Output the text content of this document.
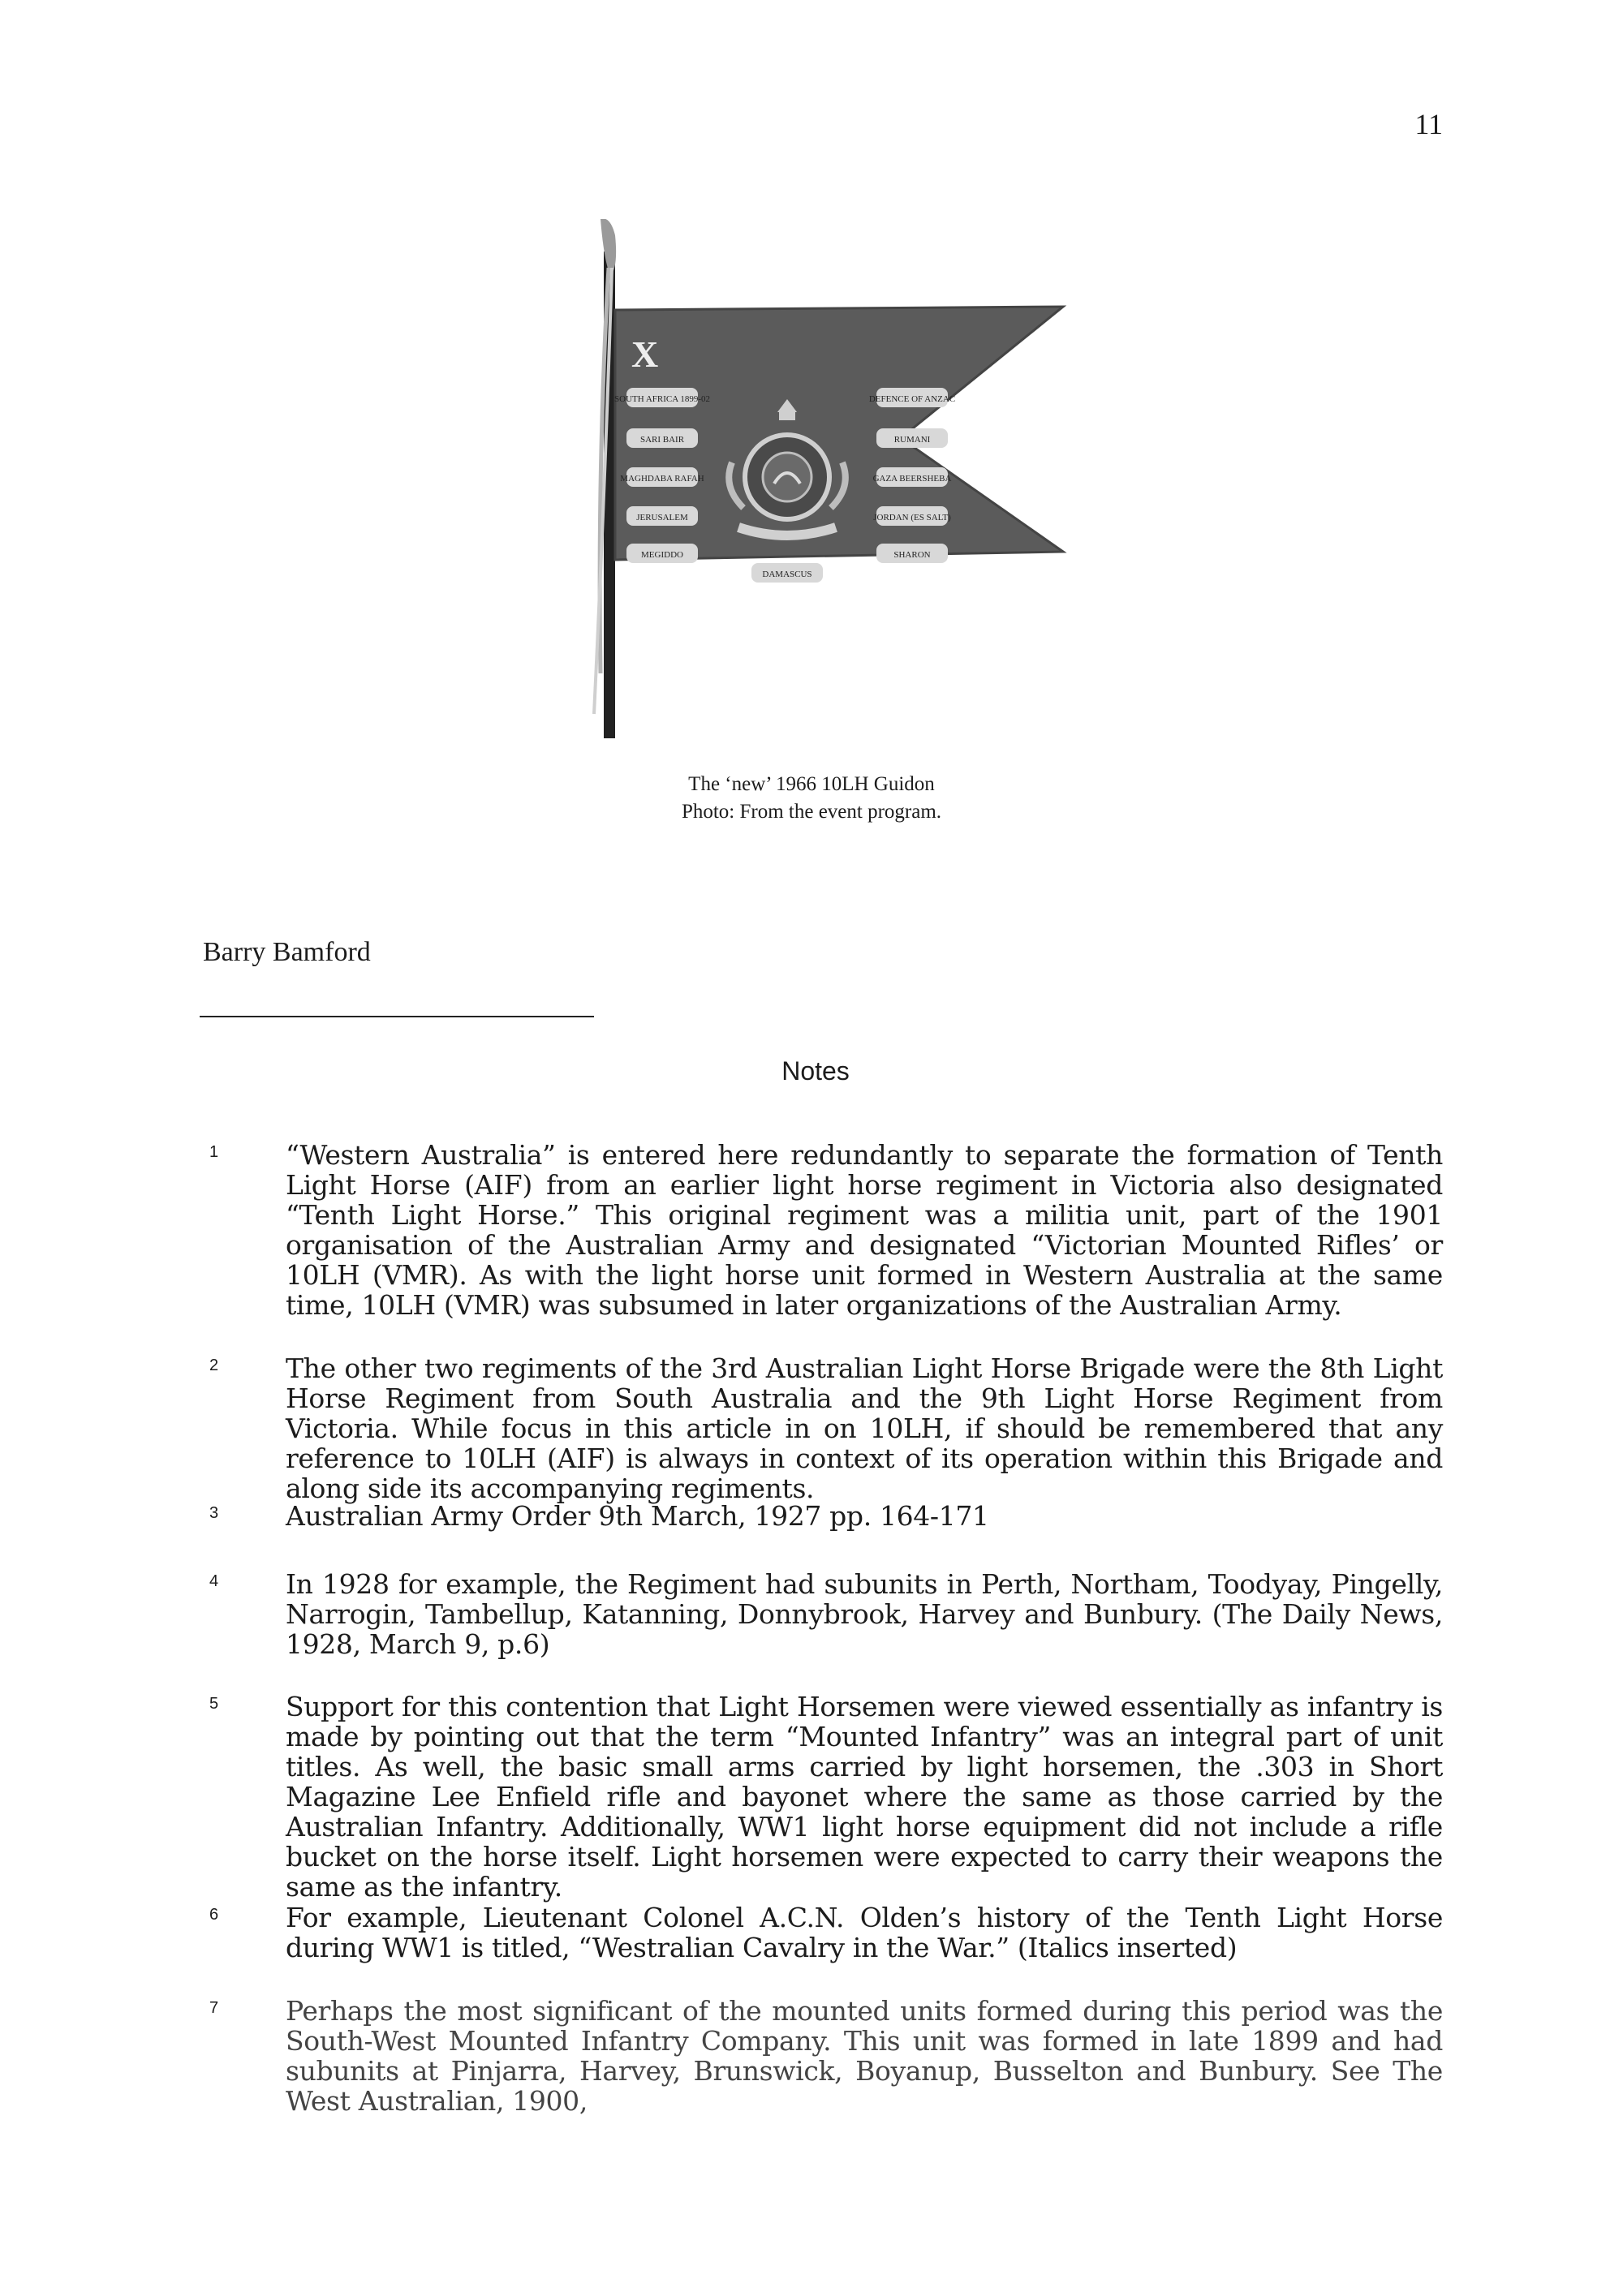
11
X
SOUTH AFRICA 1899-02
SARI BAIR
MAGHDABA RAFAH
JERUSALEM
MEGIDDO
DEFENCE OF ANZAC
RUMANI
GAZA BEERSHEBA
JORDAN (ES SALT)
SHARON
DAMASCUS
The ‘new’ 1966 10LH Guidon
Photo: From the event program.
Barry Bamford
Notes
1	“Western Australia” is entered here redundantly to separate the formation of Tenth Light Horse (AIF) from an earlier light horse regiment in Victoria also designated “Tenth Light Horse.” This original regiment was a militia unit, part of the 1901 organisation of the Australian Army and designated “Victorian Mounted Rifles’ or 10LH (VMR). As with the light horse unit formed in Western Australia at the same time, 10LH (VMR) was subsumed in later organizations of the Australian Army.
2	The other two regiments of the 3rd Australian Light Horse Brigade were the 8th Light Horse Regiment from South Australia and the 9th Light Horse Regiment from Victoria. While focus in this article in on 10LH, if should be remembered that any reference to 10LH (AIF) is always in context of its operation within this Brigade and along side its accompanying regiments.
3	Australian Army Order 9th March, 1927 pp. 164-171
4	In 1928 for example, the Regiment had subunits in Perth, Northam, Toodyay, Pingelly, Narrogin, Tambellup, Katanning, Donnybrook, Harvey and Bunbury. (The Daily News, 1928, March 9, p.6)
5	Support for this contention that Light Horsemen were viewed essentially as infantry is made by pointing out that the term “Mounted Infantry” was an integral part of unit titles. As well, the basic small arms carried by light horsemen, the .303 in Short Magazine Lee Enfield rifle and bayonet where the same as those carried by the Australian Infantry. Additionally, WW1 light horse equipment did not include a rifle bucket on the horse itself. Light horsemen were expected to carry their weapons the same as the infantry.
6	For example, Lieutenant Colonel A.C.N. Olden’s history of the Tenth Light Horse during WW1 is titled, “Westralian Cavalry in the War.” (Italics inserted)
7	Perhaps the most significant of the mounted units formed during this period was the South-West Mounted Infantry Company. This unit was formed in late 1899 and had subunits at Pinjarra, Harvey, Brunswick, Boyanup, Busselton and Bunbury. See The West Australian, 1900,
